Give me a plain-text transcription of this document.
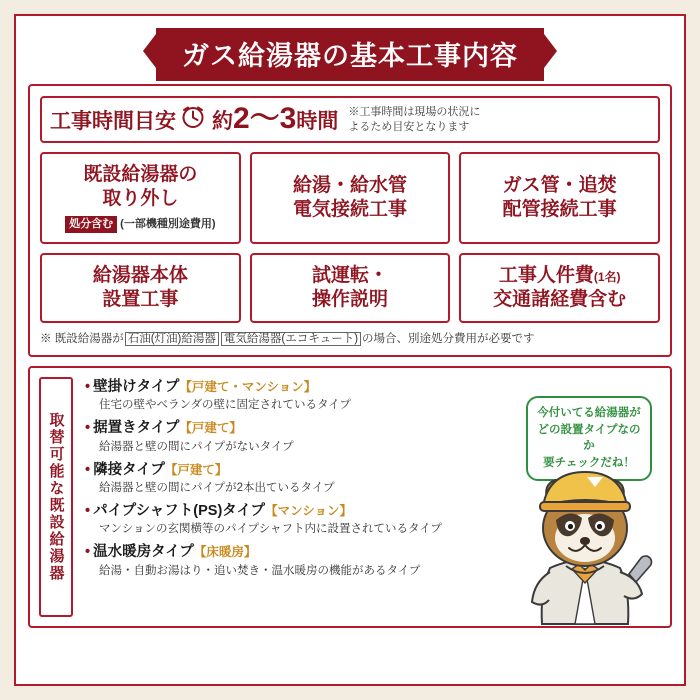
ガス給湯器の基本工事内容
工事時間目安 約2〜3時間 ※工事時間は現場の状況に
よるため目安となります
既設給湯器の
取り外し
処分含む (一部機種別途費用)
給湯・給水管
電気接続工事
ガス管・追焚
配管接続工事
給湯器本体
設置工事
試運転・
操作説明
工事人件費(1名)
交通諸経費含む
※ 既設給湯器が 石油(灯油)給湯器 電気給湯器(エコキュート) の場合、別途処分費用が必要です
取替可能な既設給湯器
• 壁掛けタイプ【戸建て・マンション】
住宅の壁やベランダの壁に固定されているタイプ
• 据置きタイプ【戸建て】
給湯器と壁の間にパイプがないタイプ
• 隣接タイプ【戸建て】
給湯器と壁の間にパイプが2本出ているタイプ
• パイプシャフト(PS)タイプ【マンション】
マンションの玄関横等のパイプシャフト内に設置されているタイプ
• 温水暖房タイプ【床暖房】
給湯・自動お湯はり・追い焚き・温水暖房の機能があるタイプ
今付いてる給湯器が
どの設置タイプなのか
要チェックだね！
